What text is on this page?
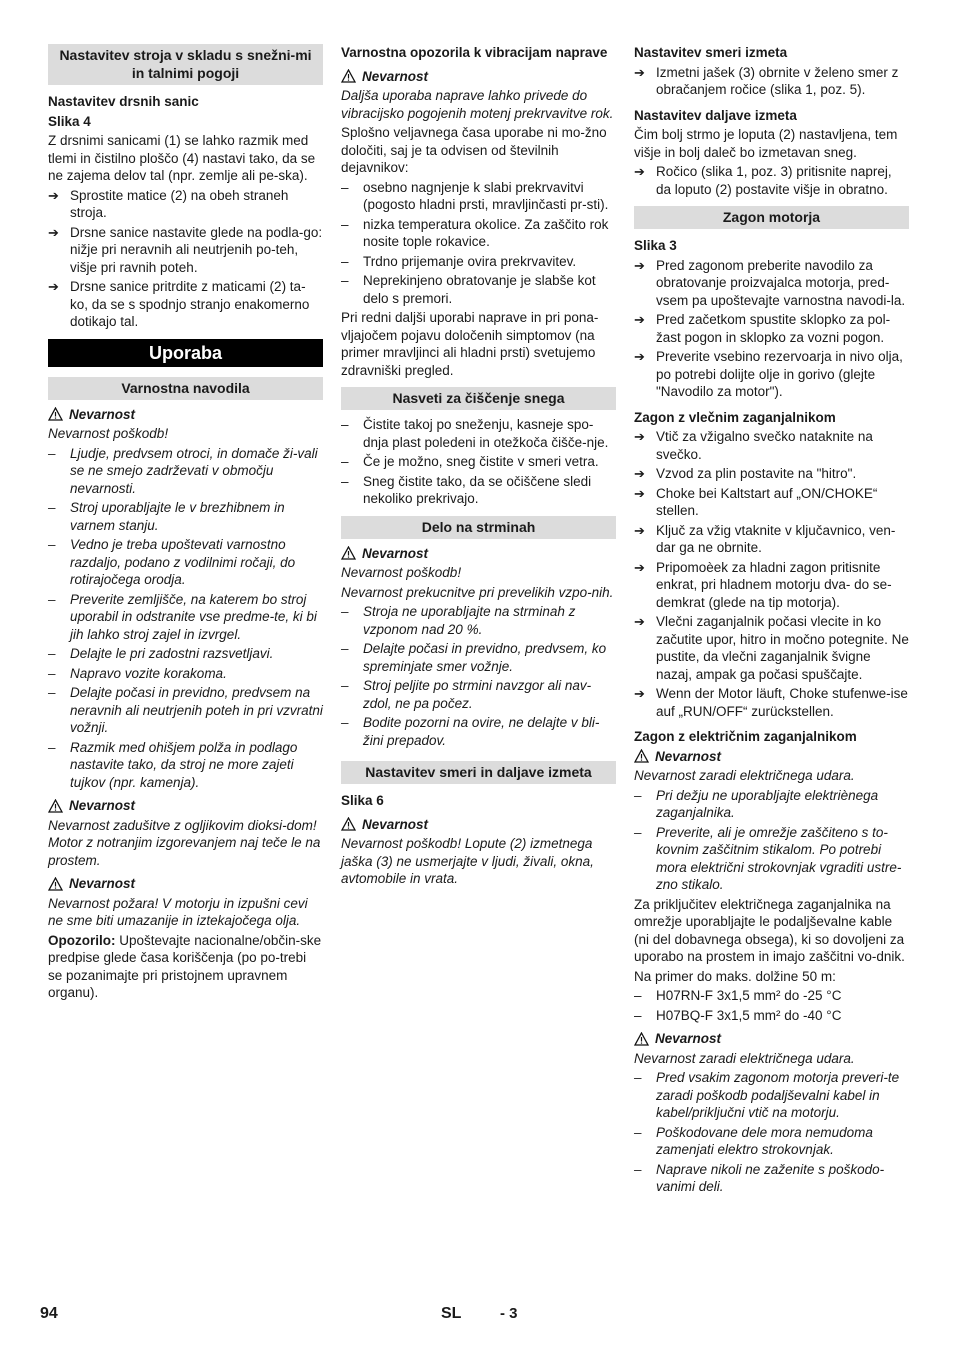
Nastavitev stroja v skladu s snežni-mi in talnimi pogoji
Nastavitev drsnih sanic
Slika 4

Z drsnimi sanicami (1) se lahko razmik med tlemi in čistilno ploščo (4) nastavi tako, da se ne zajema delov tal (npr. zemlje ali pe-ska).

➔ Sprostite matice (2) na obeh straneh stroja.
➔ Drsne sanice nastavite glede na podla-go: nižje pri neravnih ali neutrjenih po-teh, višje pri ravnih poteh.
➔ Drsne sanice pritrdite z maticami (2) ta-ko, da se s spodnjo stranjo enakomerno dotikajo tal.
Uporaba
Varnostna navodila
Nevarnost

Nevarnost poškodb!

– Ljudje, predvsem otroci, in domače ži-vali se ne smejo zadrževati v območju nevarnosti.
– Stroj uporabljajte le v brezhibnem in varnem stanju.
– Vedno je treba upoštevati varnostno razdaljo, podano z vodilnimi ročaji, do rotirajočega orodja.
– Preverite zemljišče, na katerem bo stroj uporabil in odstranite vse predme-te, ki bi jih lahko stroj zajel in izvrgel.
– Delajte le pri zadostni razsvetljavi.
– Napravo vozite korakoma.
– Delajte počasi in previdno, predvsem na neravnih ali neutrjenih poteh in pri vzvratni vožnji.
– Razmik med ohišjem polža in podlago nastavite tako, da stroj ne more zajeti tujkov (npr. kamenja).
Nevarnost

Nevarnost zadušitve z ogljikovim dioksi-dom! Motor z notranjim izgorevanjem naj teče le na prostem.

Nevarnost

Nevarnost požara! V motorju in izpušni cevi ne sme biti umazanije in iztekajočega olja.

Opozorilo: Upoštevajte nacionalne/občin-ske predpise glede časa koriščenja (po po-trebi se pozanimajte pri pristojnem upravnem organu).

Varnostna opozorila k vibracijam naprave
Nevarnost

Daljša uporaba naprave lahko privede do vibracijsko pogojenih motenj prekrvavitve rok.

Splošno veljavnega časa uporabe ni mo-žno določiti, saj je ta odvisen od številnih dejavnikov:

– osebno nagnjenje k slabi prekrvavitvi (pogosto hladni prsti, mravljinčasti pr-sti).
– nizka temperatura okolice. Za zaščito rok nosite tople rokavice.
– Trdno prijemanje ovira prekrvavitev.
– Neprekinjeno obratovanje je slabše kot delo s premori.

Pri redni daljši uporabi naprave in pri pona-vljajočem pojavu določenih simptomov (na primer mravljinci ali hladni prsti) svetujemo zdravniški pregled.

Nasveti za čiščenje snega
– Čistite takoj po sneženju, kasneje spo-dnja plast poledeni in otežkoča čišče-nje.
– Če je možno, sneg čistite v smeri vetra.
– Sneg čistite tako, da se očiščene sledi nekoliko prekrivajo.
Delo na strminah
Nevarnost

Nevarnost poškodb!

Nevarnost prekucnitve pri prevelikih vzpo-nih.

– Stroja ne uporabljajte na strminah z vzponom nad 20 %.
– Delajte počasi in previdno, predvsem, ko spreminjate smer vožnje.
– Stroj peljite po strmini navzgor ali nav-zdol, ne pa počez.
– Bodite pozorni na ovire, ne delajte v bli-žini prepadov.
Nastavitev smeri in daljave izmeta
Slika 6
Nevarnost

Nevarnost poškodb! Lopute (2) izmetnega jaška (3) ne usmerjajte v ljudi, živali, okna, avtomobile in vrata.

Nastavitev smeri izmeta
➔ Izmetni jašek (3) obrnite v želeno smer z obračanjem ročice (slika 1, poz. 5).
Nastavitev daljave izmeta

Čim bolj strmo je loputa (2) nastavljena, tem višje in bolj daleč bo izmetavan sneg.

➔ Ročico (slika 1, poz. 3) pritisnite naprej, da loputo (2) postavite višje in obratno.
Zagon motorja
Slika 3
➔ Pred zagonom preberite navodilo za obratovanje proizvajalca motorja, pred-vsem pa upoštevajte varnostna navodi-la.
➔ Pred začetkom spustite sklopko za pol-žast pogon in sklopko za vozni pogon.
➔ Preverite vsebino rezervoarja in nivo olja, po potrebi dolijte olje in gorivo (glejte "Navodilo za motor").
Zagon z vlečnim zaganjalnikom
➔ Vtič za vžigalno svečko nataknite na svečko.
➔ Vzvod za plin postavite na "hitro".
➔ Choke bei Kaltstart auf „ON/CHOKE“ stellen.
➔ Ključ za vžig vtaknite v ključavnico, ven-dar ga ne obrnite.
➔ Pripomoèek za hladni zagon pritisnite enkrat, pri hladnem motorju dva- do se-demkrat (glede na tip motorja).
➔ Vlečni zaganjalnik počasi vlecite in ko začutite upor, hitro in močno potegnite. Ne pustite, da vlečni zaganjalnik švigne nazaj, ampak ga počasi spuščajte.
➔ Wenn der Motor läuft, Choke stufenwe-ise auf „RUN/OFF“ zurückstellen.
Zagon z električnim zaganjalnikom
Nevarnost

Nevarnost zaradi električnega udara.

– Pri dežju ne uporabljajte elektriènega zaganjalnika.
– Preverite, ali je omrežje zaščiteno s to-kovnim zaščitnim stikalom. Po potrebi mora električni strokovnjak vgraditi ustre-zno stikalo.

Za priključitev električnega zaganjalnika na omrežje uporabljajte le podaljševalne kable (ni del dobavnega obsega), ki so dovoljeni za uporabo na prostem in imajo zaščitni vo-dnik.

Na primer do maks. dolžine 50 m:

– H07RN-F 3x1,5 mm² do -25 °C
– H07BQ-F 3x1,5 mm² do -40 °C
Nevarnost

Nevarnost zaradi električnega udara.

– Pred vsakim zagonom motorja preveri-te zaradi poškodb podaljševalni kabel in kabel/priključni vtič na motorju.
– Poškodovane dele mora nemudoma zamenjati elektro strokovnjak.
– Naprave nikoli ne zaženite s poškodo-vanimi deli.
94	SL	- 3
